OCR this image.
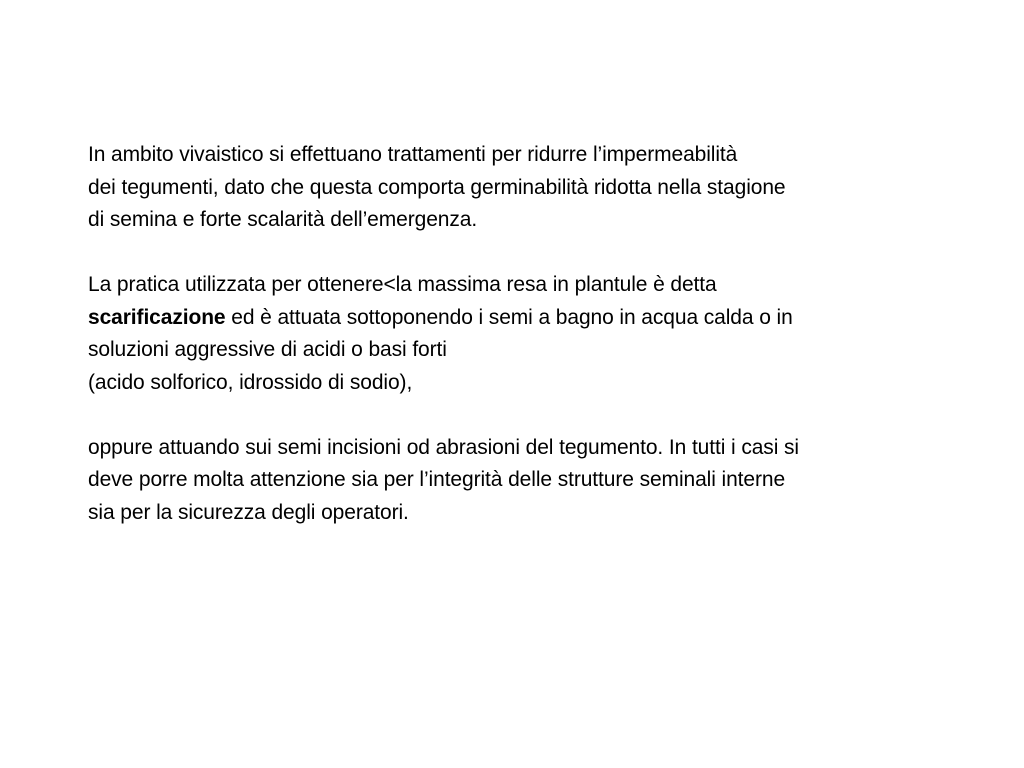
In ambito vivaistico si effettuano trattamenti per ridurre l’impermeabilità
dei tegumenti, dato che questa comporta germinabilità ridotta nella stagione
di semina e forte scalarità dell’emergenza.
La pratica utilizzata per ottenere<la massima resa in plantule è detta
scarificazione ed è attuata sottoponendo i semi a bagno in acqua calda o in
soluzioni aggressive di acidi o basi forti
(acido solforico, idrossido di sodio),
oppure attuando sui semi incisioni od abrasioni del tegumento. In tutti i casi si
deve porre molta attenzione sia per l’integrità delle strutture seminali interne
sia per la sicurezza degli operatori.
